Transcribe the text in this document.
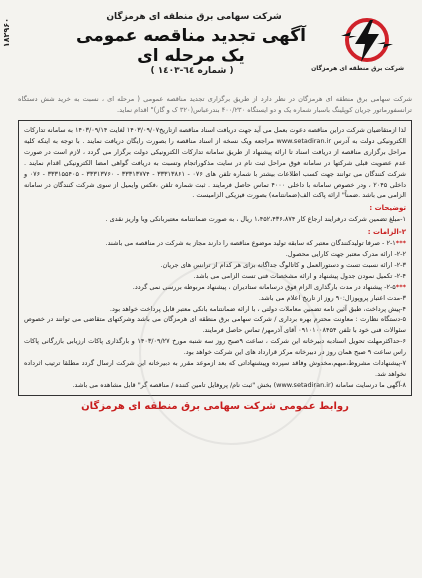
۱۸۲۹۶۰
شرکت سهامی برق منطقه ای هرمزگان
آگهی تجدید مناقصه عمومی یک مرحله ای
( شماره ٦٤-١٤٠٣ )	شرکت برق منطقه ای هرمزگان
شرکت سهامی برق منطقه ای هرمزگان در نظر دارد از طریق برگزاری تجدید مناقصه عمومی ( مرحله ای ، نسبت به خرید شش دستگاه ترانسفورماتور جریان کوپلینگ باسبار شماره یک و دو ایستگاه ۴۰۰/۲۳۰ بندرعباس(۳۲۰ ک و گاز)" اقدام نماید.

لذا ازمتقاضیان شرکت دراین مناقصه دعوت بعمل می آید جهت دریافت اسناد مناقصه ازتاریخ۱۴۰۳/۰۹/۰۷ لغایت ۱۴۰۳/۰۹/۱۴ به سامانه تدارکات الکترونیکی دولت به آدرس www.setadiran.ir مراجعه ویک نسخه از اسناد مناقصه را بصورت رایگان دریافت نمایند . با توجه به اینکه کلیه مراحل برگزاری مناقصه از دریافت اسناد تا ارائه پیشنهاد از طریق سامانه تدارکات الکترونیکی دولت برگزار می گردد ، لازم است در صورت عدم عضویت قبلی شرکتها در سامانه فوق مراحل ثبت نام در سایت مذکوراتجام وتسبت به دریافت گواهی امضا الکترونیکی اقدام نمایند . شرکت کنندگان می توانند جهت کسب اطلاعات بیشتر با شماره تلفن های ۰۷۶ - ۳۳۳۱۳۸۶۱ - ۳۳۳۱۳۷۷۴ - ۳۳۳۱۳۷۶۰ - ۳۳۳۱۵۵۴۰۵ - ۰۷۶ و داخلی ۲۰۴۵ ، ودر خصوص سامانه با داخلی ۴۰۰۰ تماس حاصل فرمایند . ثبت شماره تلفن ،فکس وایمیل از سوی شرکت کنندگان در سامانه الزامی می باشد .ضمناً" ارائه پاکت الف(ضمانتنامه) بصورت فیزیکی الزامیست .

توضیحات :

۱-مبلغ تضمین شرکت درفرایند ارجاع کار ۱،۴۵۲،۴۳۶،۸۷۴ ریال ، به صورت ضمانتنامه معتبربانکی ویا واریز نقدی .

۲-الزامات :

***۲-۱ - صرفا تولیدکنندگان معتبر که سابقه تولید موضوع مناقصه را دارند مجاز به شرکت در مناقصه می باشند.

۲-۲- ارائه مدرک معتبر جهت کارایی محصول.

۲-۳- ارائه نسبت تست و دستورالعمل و کاتالوگ جداگانه برای هر کدام از ترانس های جریان.

۲-۴- تکمیل نمودن جدول پیشنهاد و ارائه مشخصات فنی تست الزامی می باشد.

***۲-۵- پیشنهاد در مدت بارگذاری الزام فوق درسامانه ستادیران ، پیشنهاد مربوطه بررسی نمی گردد.

۳-مدت اعتبار پروپوزال:۹۰ روز از تاریخ اعلام می باشد.

۴-پیش پرداخت، طبق آئین نامه تضمین معاملات دولتی ، با ارائه ضمانتنامه بانکی معتبر قابل پرداخت خواهد بود.

۵-دستگاه نظارت : معاونت محترم بهره برداری / شرکت سهامی برق منطقه ای هرمزگان می باشد وشرکتهای متقاضی می توانند در خصوص سئوالات فنی خود با تلفن ۰۹۱۰۱۰۰۸۴۵۴ آقای آذرمهر/ تماس حاصل فرمایند.

۶-حداکثرمهلت تحویل اسنادبه دبیرخانه این شرکت ، ساعت ۹صبح روز سه شنبه مورخ ۱۴۰۳/۰۹/۲۷ و بارگذاری پاکات ارزیابی بازرگانی پاکات راس ساعت ۹ صبح همان روز در دبیرخانه مرکز قرارداد های این شرکت خواهد بود.

۷-پیشنهادات مشروط،مبهم،مخدوش وفاقد سپرده وپیشنهاداتی که بعد ازموعد مقرر به دبیرخانه این شرکت ارسال گردد مطلقا ترتیب اثرداده نخواهد شد.

۸-آگهی ما درسایت سامانه (www.setadiran.ir) بخش "ثبت نام/ پروفایل تامین کننده / مناقصه گر" قابل مشاهده می باشد.

روابط عمومی شرکت سهامی برق منطقه ای هرمزگان
